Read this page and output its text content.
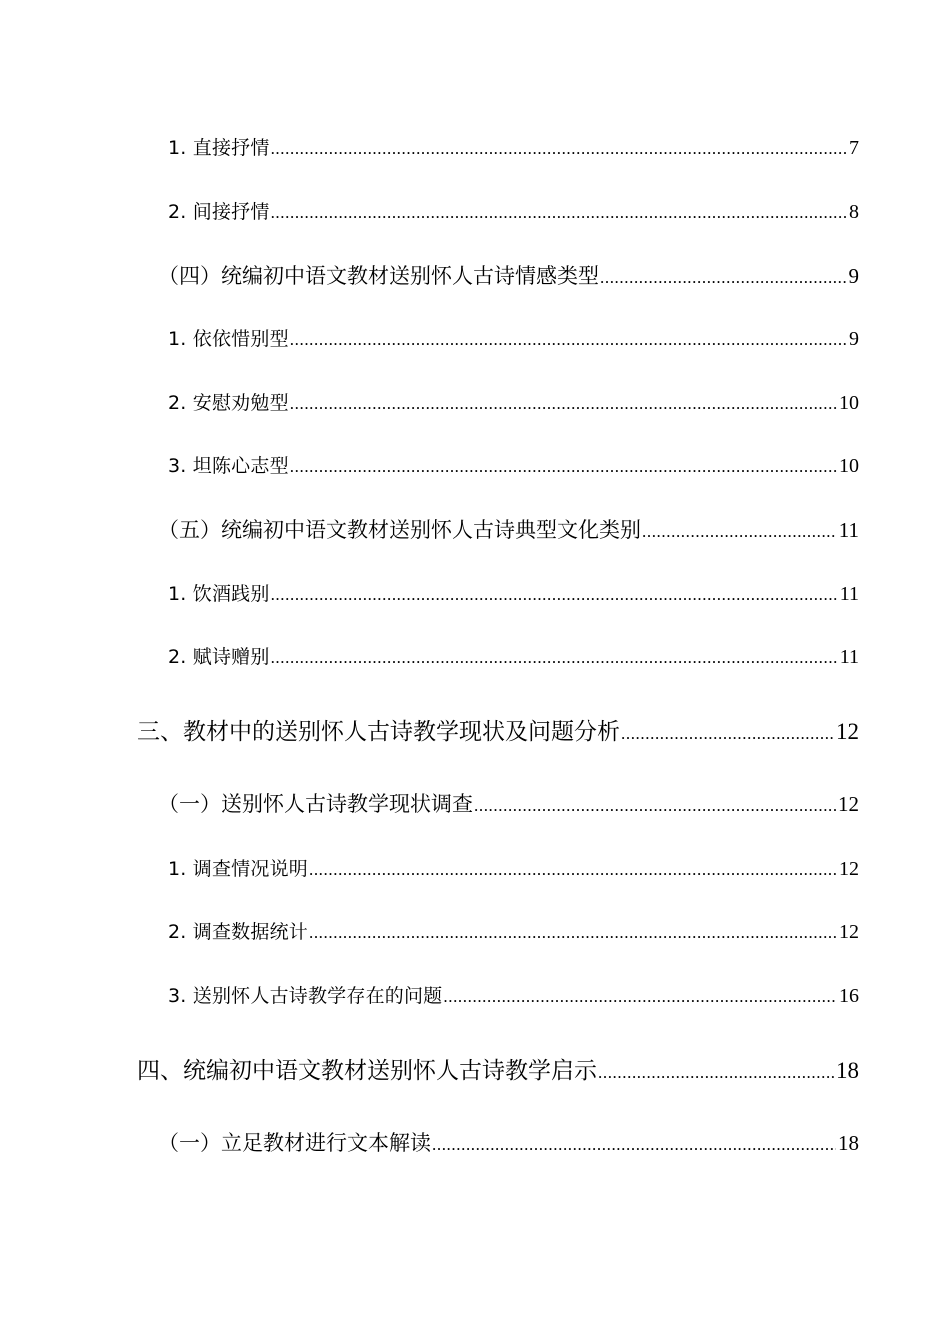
1. 直接抒情 .....	7
2. 间接抒情 .....	8
（四）统编初中语文教材送别怀人古诗情感类型 .....	9
1. 依依惜别型 .....	9
2. 安慰劝勉型 .....	10
3. 坦陈心志型 .....	10
（五）统编初中语文教材送别怀人古诗典型文化类别 .....	11
1. 饮酒践别 .....	11
2. 赋诗赠别 .....	11
三、教材中的送别怀人古诗教学现状及问题分析 .....	12
（一）送别怀人古诗教学现状调查 .....	12
1. 调查情况说明 .....	12
2. 调查数据统计 .....	12
3. 送别怀人古诗教学存在的问题 .....	16
四、统编初中语文教材送别怀人古诗教学启示 .....	18
（一）立足教材进行文本解读 .....	18
